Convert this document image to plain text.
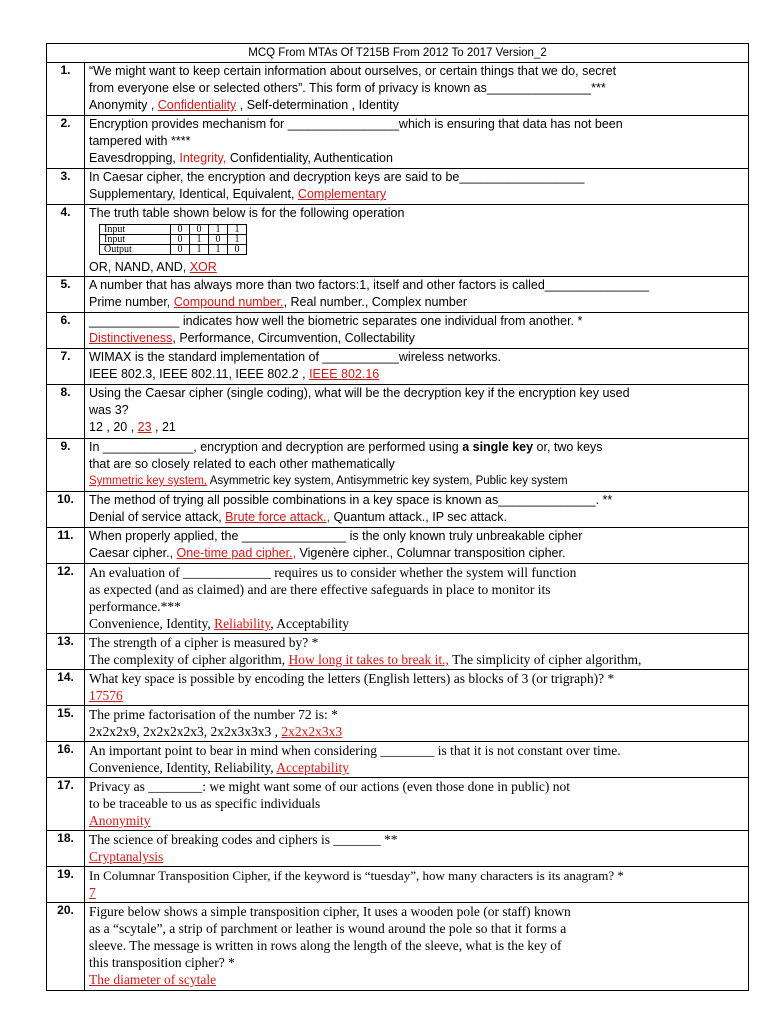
MCQ From MTAs Of T215B From 2012 To 2017 Version_2
1.	“We might want to keep certain information about ourselves, or certain things that we do, secret
from everyone else or selected others”. This form of privacy is known as_______________***
Anonymity , Confidentiality , Self-determination , Identity

2.	Encryption provides mechanism for ________________which is ensuring that data has not been
tampered with ****
Eavesdropping, Integrity, Confidentiality, Authentication

3.	In Caesar cipher, the encryption and decryption keys are said to be__________________
Supplementary, Identical, Equivalent, Complementary

4.	The truth table shown below is for the following operation
Input	0	0	1	1
Input	0	1	0	1
Output	0	1	1	0
OR, NAND, AND, XOR

5.	A number that has always more than two factors:1, itself and other factors is called_______________
Prime number, Compound number., Real number., Complex number

6.	_____________ indicates how well the biometric separates one individual from another. *
Distinctiveness, Performance, Circumvention, Collectability

7.	WIMAX is the standard implementation of ___________wireless networks.
IEEE 802.3, IEEE 802.11, IEEE 802.2 , IEEE 802.16

8.	Using the Caesar cipher (single coding), what will be the decryption key if the encryption key used
was 3?
12 , 20 , 23 , 21

9.	In _____________, encryption and decryption are performed using a single key or, two keys
that are so closely related to each other mathematically
Symmetric key system, Asymmetric key system, Antisymmetric key system, Public key system

10.	The method of trying all possible combinations in a key space is known as______________. **
Denial of service attack, Brute force attack., Quantum attack., IP sec attack.

11.	When properly applied, the _______________ is the only known truly unbreakable cipher
Caesar cipher., One-time pad cipher., Vigenère cipher., Columnar transposition cipher.

12.	An evaluation of _____________ requires us to consider whether the system will function
as expected (and as claimed) and are there effective safeguards in place to monitor its
performance.***
Convenience, Identity, Reliability, Acceptability

13.	The strength of a cipher is measured by? *
The complexity of cipher algorithm, How long it takes to break it., The simplicity of cipher algorithm,

14.	What key space is possible by encoding the letters (English letters) as blocks of 3 (or trigraph)? *
17576

15.	The prime factorisation of the number 72 is: *
2x2x2x9, 2x2x2x2x3, 2x2x3x3x3 , 2x2x2x3x3

16.	An important point to bear in mind when considering ________ is that it is not constant over time.
Convenience, Identity, Reliability, Acceptability

17.	Privacy as ________: we might want some of our actions (even those done in public) not
to be traceable to us as specific individuals
Anonymity

18.	The science of breaking codes and ciphers is _______ **
Cryptanalysis

19.	In Columnar Transposition Cipher, if the keyword is “tuesday”, how many characters is its anagram? *
7

20.	Figure below shows a simple transposition cipher, It uses a wooden pole (or staff) known
as a “scytale”, a strip of parchment or leather is wound around the pole so that it forms a
sleeve. The message is written in rows along the length of the sleeve, what is the key of
this transposition cipher? *
The diameter of scytale
